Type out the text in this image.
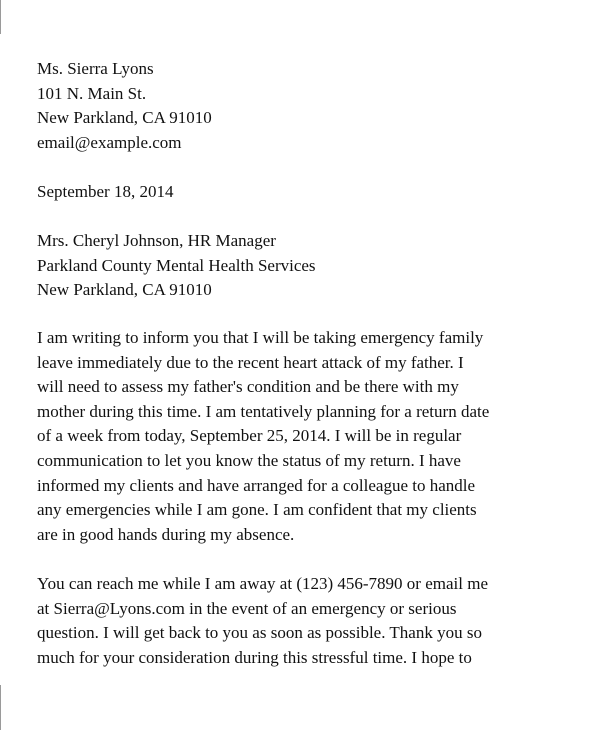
Ms. Sierra Lyons
101 N. Main St.
New Parkland, CA 91010
email@example.com
September 18, 2014
Mrs. Cheryl Johnson, HR Manager
Parkland County Mental Health Services
New Parkland, CA 91010
I am writing to inform you that I will be taking emergency family
leave immediately due to the recent heart attack of my father. I
will need to assess my father's condition and be there with my
mother during this time. I am tentatively planning for a return date
of a week from today, September 25, 2014. I will be in regular
communication to let you know the status of my return. I have
informed my clients and have arranged for a colleague to handle
any emergencies while I am gone. I am confident that my clients
are in good hands during my absence.
You can reach me while I am away at (123) 456-7890 or email me
at Sierra@Lyons.com in the event of an emergency or serious
question. I will get back to you as soon as possible. Thank you so
much for your consideration during this stressful time. I hope to
